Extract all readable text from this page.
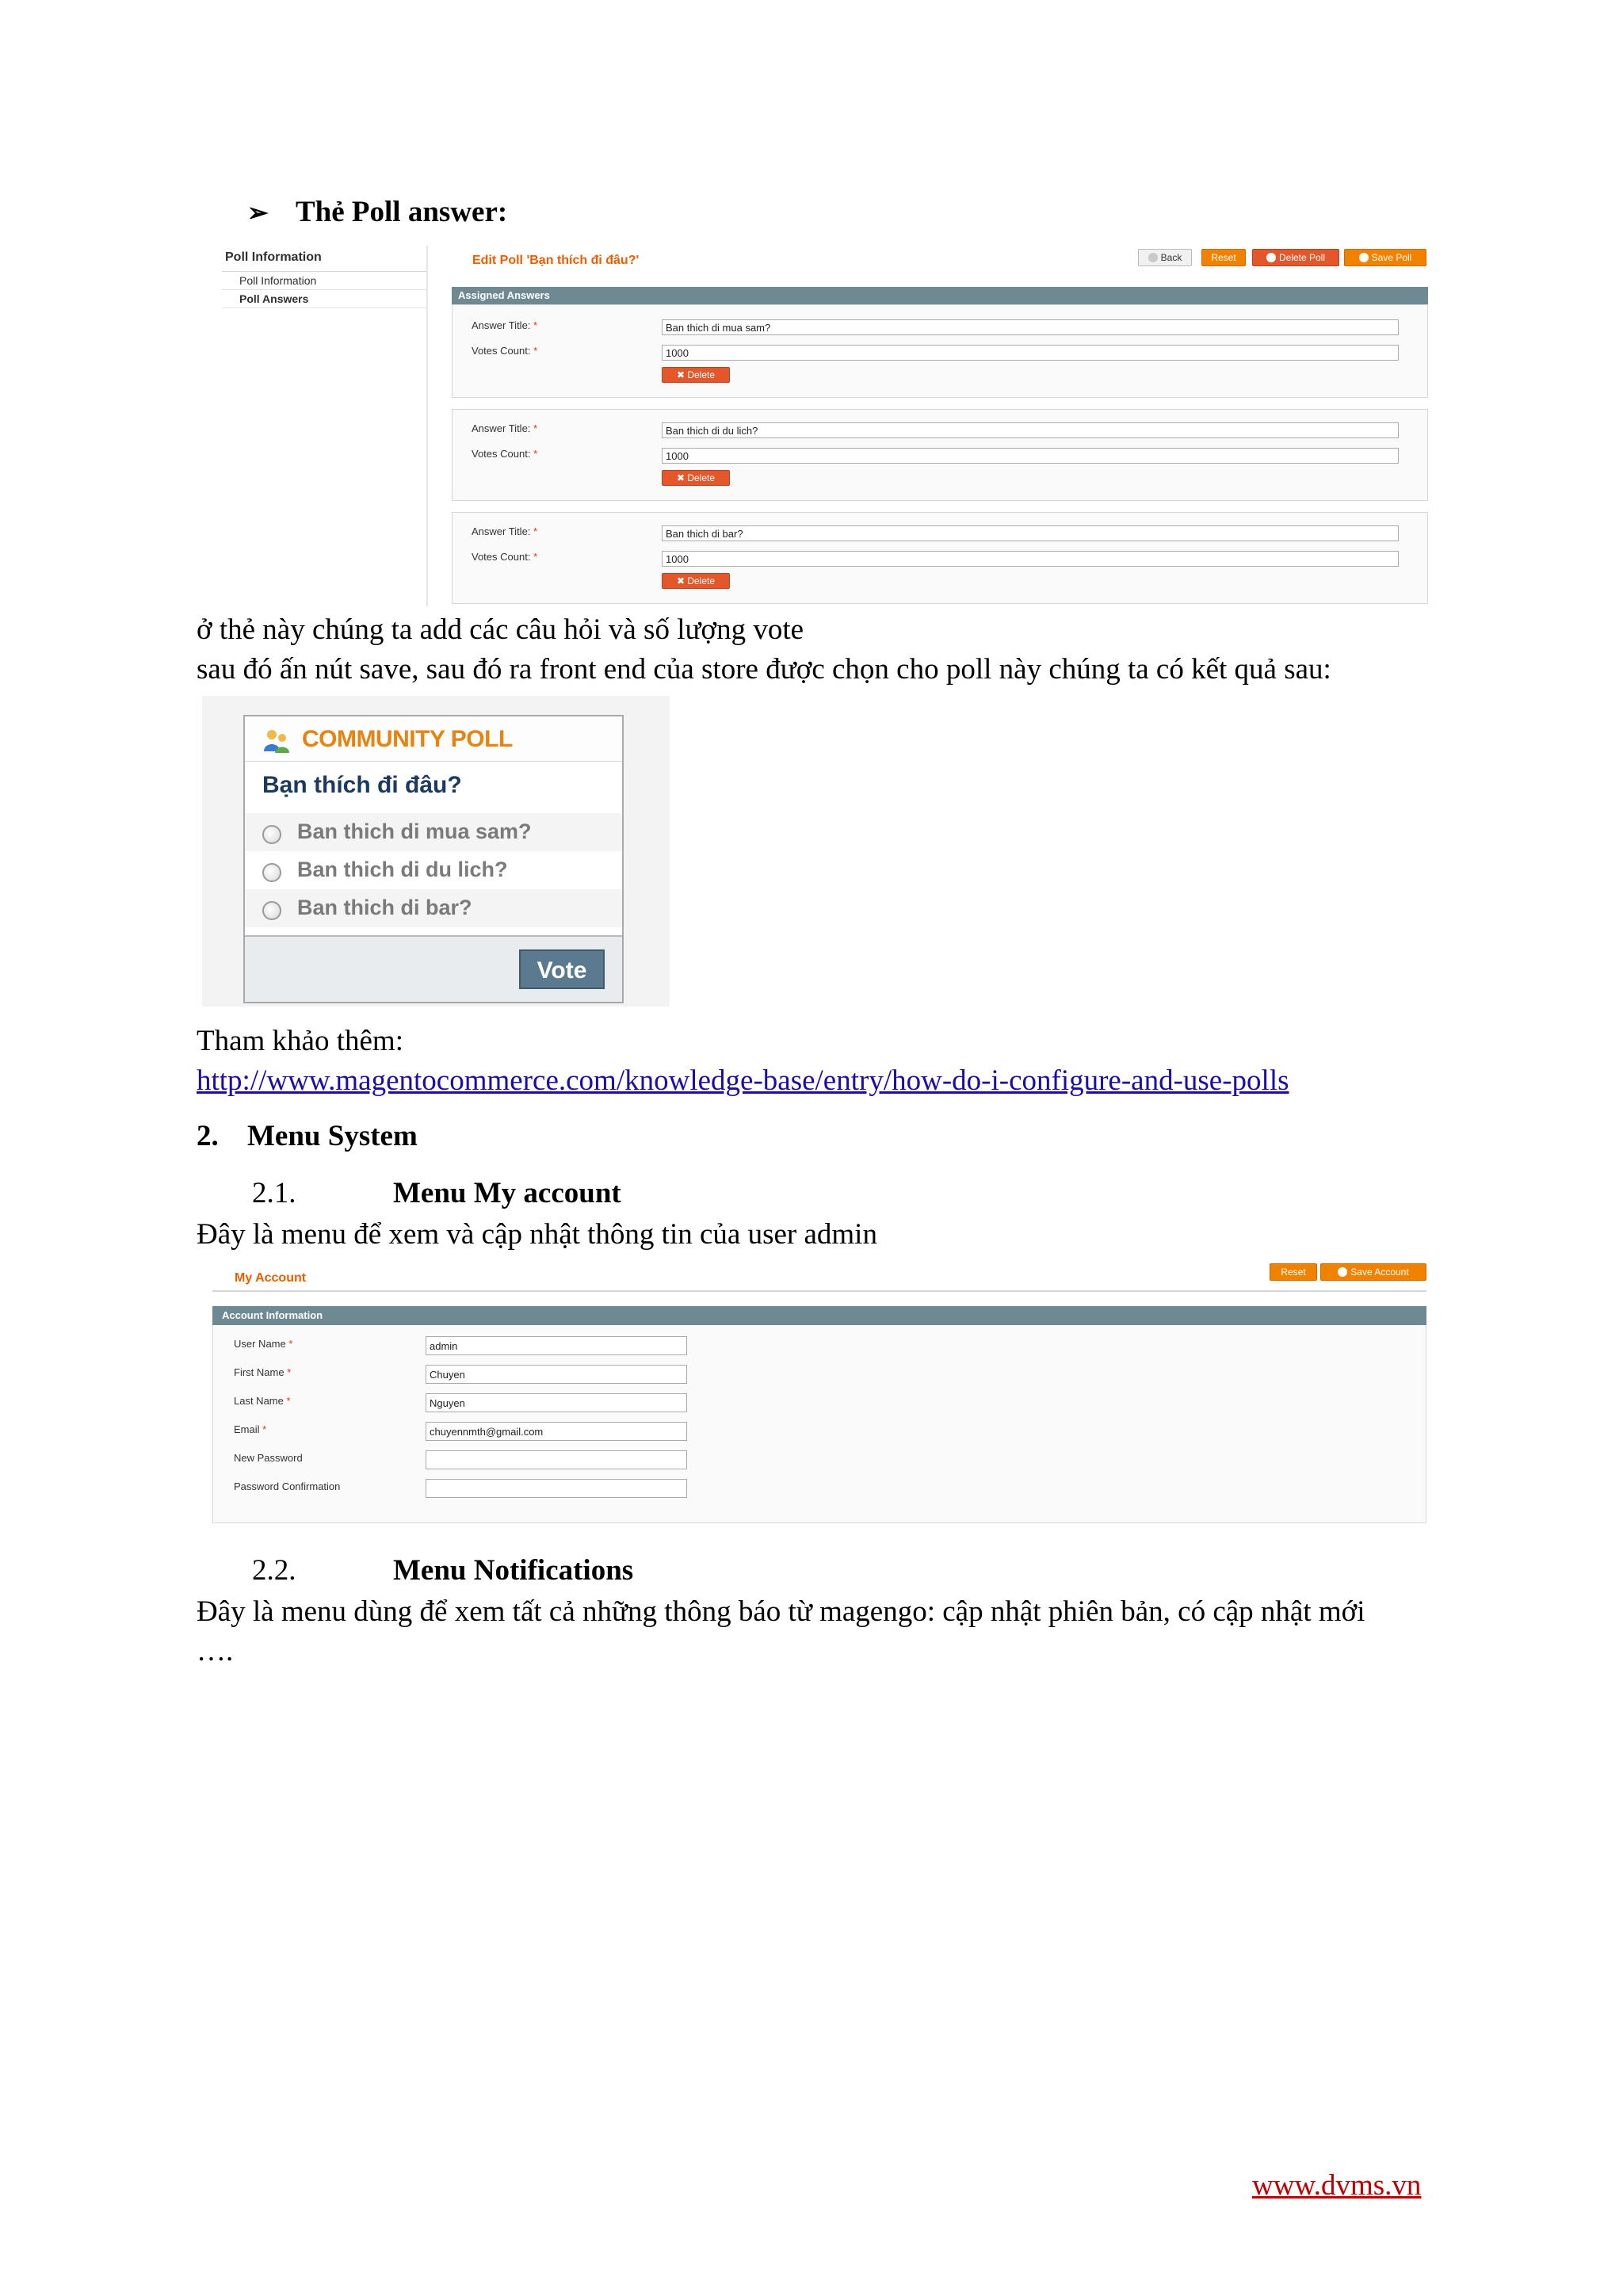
➢ Thẻ Poll answer:
Poll Information
Poll Information
Poll Answers
Edit Poll 'Bạn thích đi đâu?'	Back	Reset	Delete Poll	Save Poll
Assigned Answers
Answer Title: *
Ban thich di mua sam?
Votes Count: *
1000
✖ Delete
Answer Title: *
Ban thich di du lich?
Votes Count: *
1000
✖ Delete
Answer Title: *
Ban thich di bar?
Votes Count: *
1000
✖ Delete
ở thẻ này chúng ta add các câu hỏi và số lượng vote
sau đó ấn nút save, sau đó ra front end của store được chọn cho poll này chúng ta có kết quả sau:
COMMUNITY POLL
Bạn thích đi đâu?
Ban thich di mua sam?
Ban thich di du lich?
Ban thich di bar?
Vote
Tham khảo thêm:
http://www.magentocommerce.com/knowledge-base/entry/how-do-i-configure-and-use-polls
2. Menu System
2.1.	Menu My account
Đây là menu để xem và cập nhật thông tin của user admin
My Account	Reset	Save Account
Account Information
User Name *
admin
First Name *
Chuyen
Last Name *
Nguyen
Email *
chuyennmth@gmail.com
New Password
Password Confirmation
2.2.	Menu Notifications
Đây là menu dùng để xem tất cả những thông báo từ magengo: cập nhật phiên bản, có cập nhật mới
….
www.dvms.vn
